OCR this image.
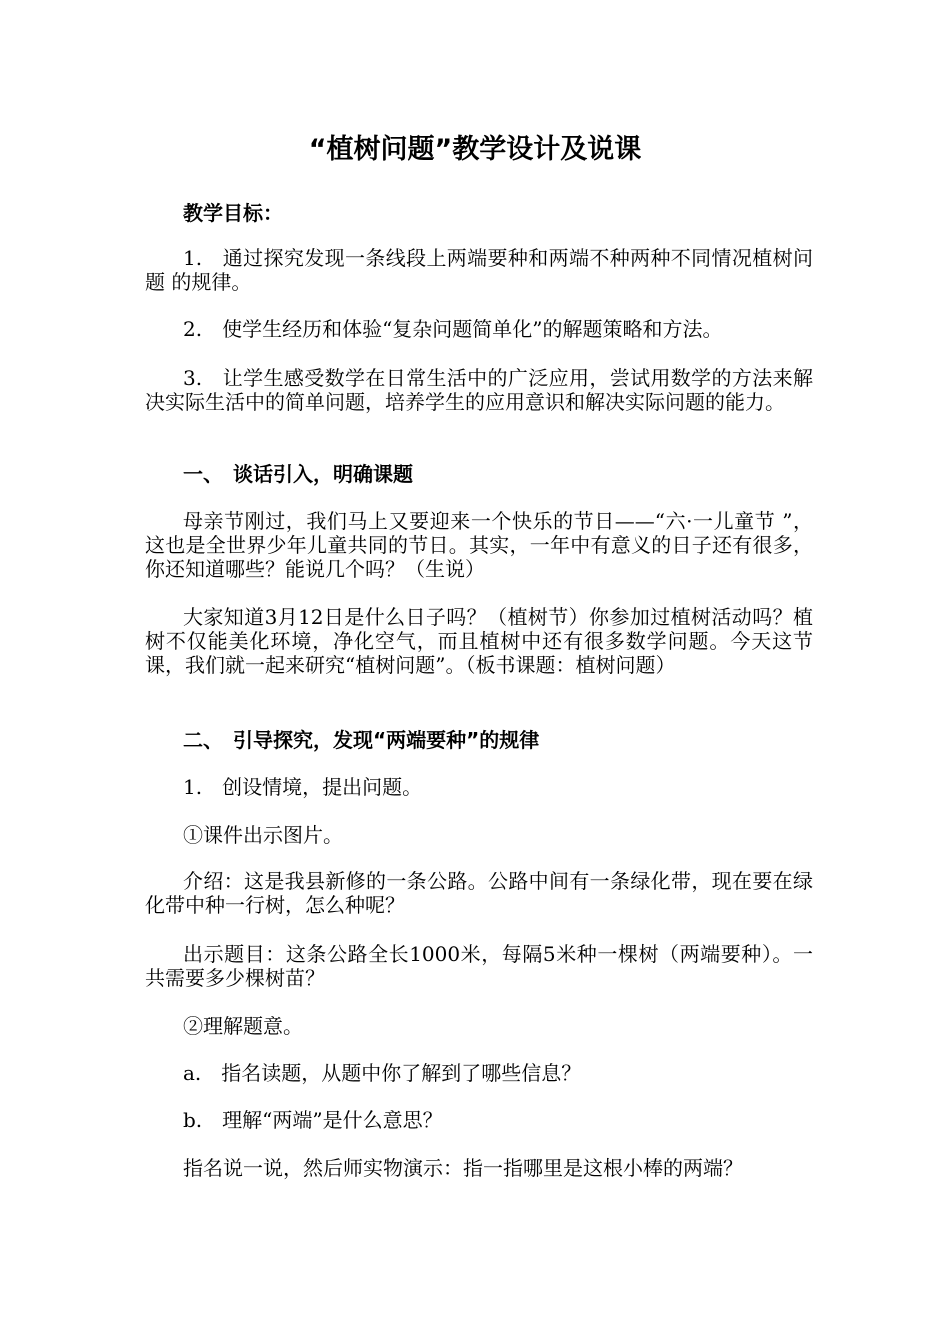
“植树问题”教学设计及说课
教学目标：

1.　通过探究发现一条线段上两端要种和两端不种两种不同情况植树问题 的规律。

2.　使学生经历和体验“复杂问题简单化”的解题策略和方法。

3.　让学生感受数学在日常生活中的广泛应用，尝试用数学的方法来解决实际生活中的简单问题，培养学生的应用意识和解决实际问题的能力。

一、　谈话引入，明确课题

母亲节刚过，我们马上又要迎来一个快乐的节日——“六·一儿童节 ”，这也是全世界少年儿童共同的节日。其实，一年中有意义的日子还有很多，你还知道哪些？能说几个吗？（生说）

大家知道3月12日是什么日子吗？（植树节）你参加过植树活动吗？植树不仅能美化环境，净化空气，而且植树中还有很多数学问题。今天这节课，我们就一起来研究“植树问题”。（板书课题：植树问题）

二、　引导探究，发现“两端要种”的规律

1.　创设情境，提出问题。

①课件出示图片。

介绍：这是我县新修的一条公路。公路中间有一条绿化带，现在要在绿化带中种一行树，怎么种呢？

出示题目：这条公路全长1000米，每隔5米种一棵树（两端要种）。一共需要多少棵树苗？

②理解题意。

a.　指名读题，从题中你了解到了哪些信息？

b.　理解“两端”是什么意思？

指名说一说，然后师实物演示：指一指哪里是这根小棒的两端？
